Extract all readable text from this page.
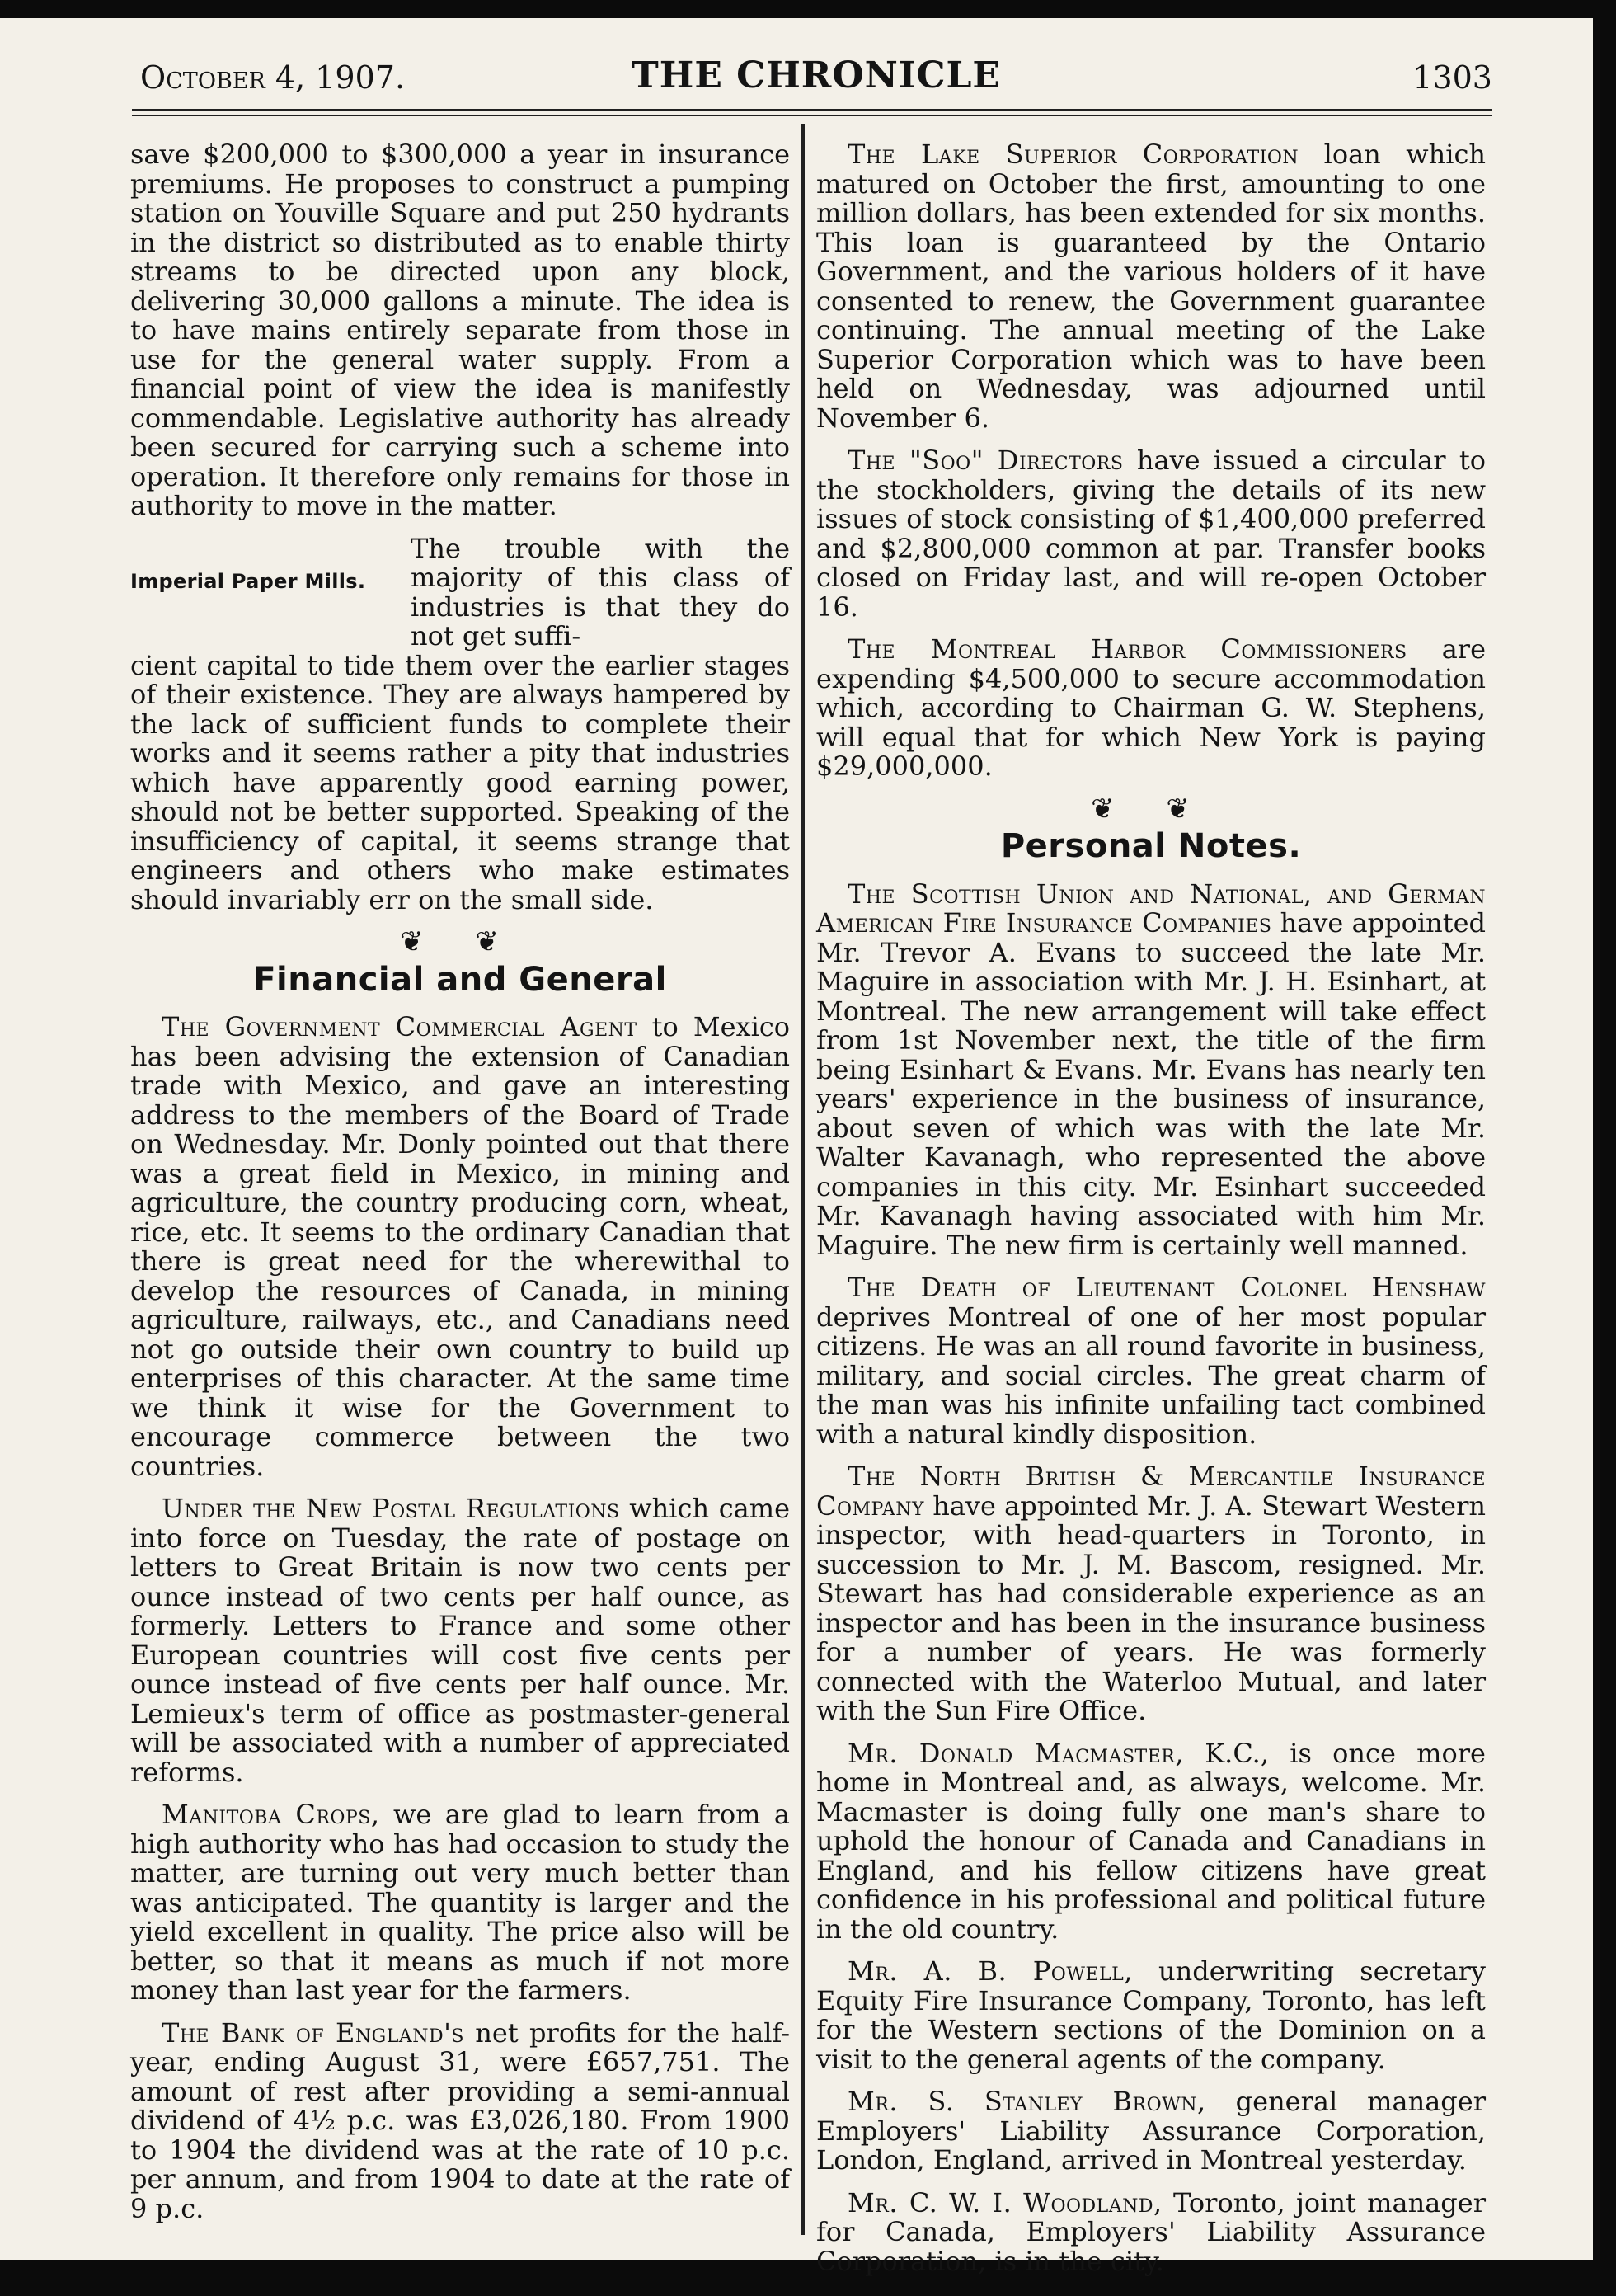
October 4, 1907.	THE CHRONICLE	1303

save $200,000 to $300,000 a year in insurance premiums. He proposes to construct a pumping station on Youville Square and put 250 hydrants in the district so distributed as to enable thirty streams to be directed upon any block, delivering 30,000 gallons a minute. The idea is to have mains entirely separate from those in use for the general water supply. From a financial point of view the idea is manifestly commendable. Legislative authority has already been secured for carrying such a scheme into operation. It therefore only remains for those in authority to move in the matter.

Imperial Paper Mills.
The trouble with the majority of this class of industries is that they do not get suffi-

cient capital to tide them over the earlier stages of their existence. They are always hampered by the lack of sufficient funds to complete their works and it seems rather a pity that industries which have apparently good earning power, should not be better supported. Speaking of the insufficiency of capital, it seems strange that engineers and others who make estimates should invariably err on the small side.

❦ ❦
Financial and General

The Government Commercial Agent to Mexico has been advising the extension of Canadian trade with Mexico, and gave an interesting address to the members of the Board of Trade on Wednesday. Mr. Donly pointed out that there was a great field in Mexico, in mining and agriculture, the country producing corn, wheat, rice, etc. It seems to the ordinary Canadian that there is great need for the wherewithal to develop the resources of Canada, in mining agriculture, railways, etc., and Canadians need not go outside their own country to build up enterprises of this character. At the same time we think it wise for the Government to encourage commerce between the two countries.

Under the New Postal Regulations which came into force on Tuesday, the rate of postage on letters to Great Britain is now two cents per ounce instead of two cents per half ounce, as formerly. Letters to France and some other European countries will cost five cents per ounce instead of five cents per half ounce. Mr. Lemieux's term of office as postmaster-general will be associated with a number of appreciated reforms.

Manitoba Crops, we are glad to learn from a high authority who has had occasion to study the matter, are turning out very much better than was anticipated. The quantity is larger and the yield excellent in quality. The price also will be better, so that it means as much if not more money than last year for the farmers.

The Bank of England's net profits for the half-year, ending August 31, were £657,751. The amount of rest after providing a semi-annual dividend of 4½ p.c. was £3,026,180. From 1900 to 1904 the dividend was at the rate of 10 p.c. per annum, and from 1904 to date at the rate of 9 p.c.

The Lake Superior Corporation loan which matured on October the first, amounting to one million dollars, has been extended for six months. This loan is guaranteed by the Ontario Government, and the various holders of it have consented to renew, the Government guarantee continuing. The annual meeting of the Lake Superior Corporation which was to have been held on Wednesday, was adjourned until November 6.

The "Soo" Directors have issued a circular to the stockholders, giving the details of its new issues of stock consisting of $1,400,000 preferred and $2,800,000 common at par. Transfer books closed on Friday last, and will re-open October 16.

The Montreal Harbor Commissioners are expending $4,500,000 to secure accommodation which, according to Chairman G. W. Stephens, will equal that for which New York is paying $29,000,000.

❦ ❦
Personal Notes.

The Scottish Union and National, and German American Fire Insurance Companies have appointed Mr. Trevor A. Evans to succeed the late Mr. Maguire in association with Mr. J. H. Esinhart, at Montreal. The new arrangement will take effect from 1st November next, the title of the firm being Esinhart & Evans. Mr. Evans has nearly ten years' experience in the business of insurance, about seven of which was with the late Mr. Walter Kavanagh, who represented the above companies in this city. Mr. Esinhart succeeded Mr. Kavanagh having associated with him Mr. Maguire. The new firm is certainly well manned.

The Death of Lieutenant Colonel Henshaw deprives Montreal of one of her most popular citizens. He was an all round favorite in business, military, and social circles. The great charm of the man was his infinite unfailing tact combined with a natural kindly disposition.

The North British & Mercantile Insurance Company have appointed Mr. J. A. Stewart Western inspector, with head-quarters in Toronto, in succession to Mr. J. M. Bascom, resigned. Mr. Stewart has had considerable experience as an inspector and has been in the insurance business for a number of years. He was formerly connected with the Waterloo Mutual, and later with the Sun Fire Office.

Mr. Donald Macmaster, K.C., is once more home in Montreal and, as always, welcome. Mr. Macmaster is doing fully one man's share to uphold the honour of Canada and Canadians in England, and his fellow citizens have great confidence in his professional and political future in the old country.

Mr. A. B. Powell, underwriting secretary Equity Fire Insurance Company, Toronto, has left for the Western sections of the Dominion on a visit to the general agents of the company.

Mr. S. Stanley Brown, general manager Employers' Liability Assurance Corporation, London, England, arrived in Montreal yesterday.

Mr. C. W. I. Woodland, Toronto, joint manager for Canada, Employers' Liability Assurance Corporation, is in the city.
